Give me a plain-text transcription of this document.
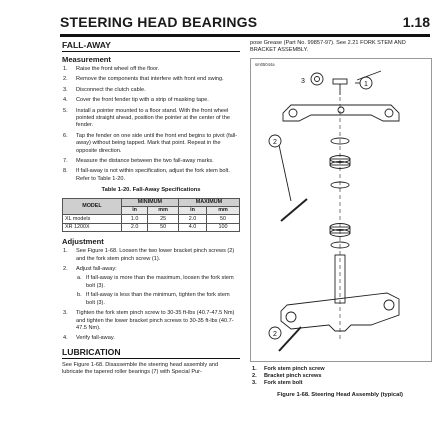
STEERING HEAD BEARINGS	1.18
FALL-AWAY
Measurement
1. Raise the front wheel off the floor.
2. Remove the components that interfere with front end swing.
3. Disconnect the clutch cable.
4. Cover the front fender tip with a strip of masking tape.
5. Install a pointer mounted to a floor stand. With the front wheel pointed straight ahead, position the pointer at the center of the fender.
6. Tap the fender on one side until the front end begins to pivot (fall-away) without being tapped. Mark that point. Repeat in the opposite direction.
7. Measure the distance between the two fall-away marks.
8. If fall-away is not within specification, adjust the fork stem bolt. Refer to Table 1-20.
Table 1-20. Fall-Away Specifications
MODEL	MINIMUM		MAXIMUM	
	in	mm	in	mm
XL models	1.0	25	2.0	50
XR 1200X	2.0	50	4.0	100
Adjustment
1. See Figure 1-68. Loosen the two lower bracket pinch screws (2) and the fork stem pinch screw (1).
2. Adjust fall-away:
a. If fall-away is more than the maximum, loosen the fork stem bolt (3).
b. If fall-away is less than the minimum, tighten the fork stem bolt (3).
3. Tighten the fork stem pinch screw to 30-35 ft-lbs (40.7-47.5 Nm) and tighten the lower bracket pinch screws to 30-35 ft-lbs (40.7-47.5 Nm).
4. Verify fall-away.
LUBRICATION
See Figure 1-68. Disassemble the steering head assembly and lubricate the tapered roller bearings (7) with Special Pur-
pose Grease (Part No. 99857-97). See 2.21 FORK STEM AND BRACKET ASSEMBLY.
1
2
2
3
sm05044a
1. Fork stem pinch screw
2. Bracket pinch screws
3. Fork stem bolt
Figure 1-68. Steering Head Assembly (typical)
